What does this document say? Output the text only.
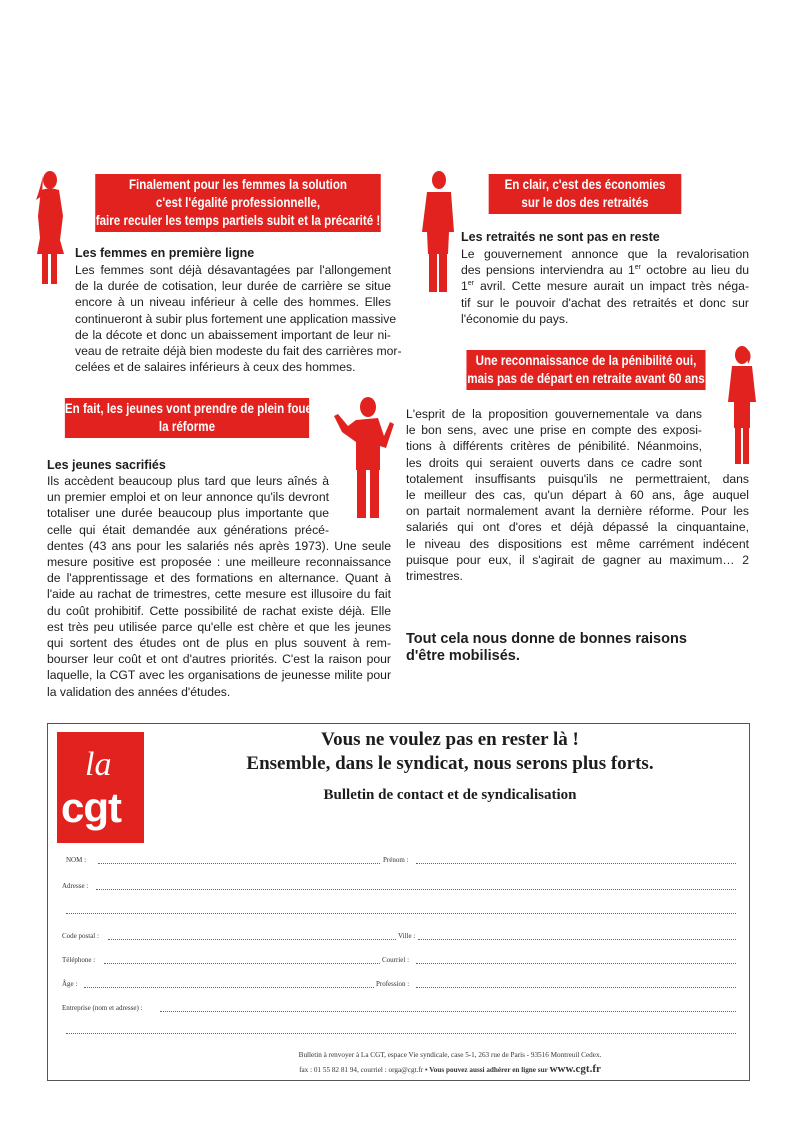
Finalement pour les femmes la solution
c'est l'égalité professionnelle,
faire reculer les temps partiels subit et la précarité !
Les femmes en première ligne
Les femmes sont déjà désavantagées par l'allongement
de la durée de cotisation, leur durée de carrière se situe
encore à un niveau inférieur à celle des hommes. Elles
continueront à subir plus fortement une application massive
de la décote et donc un abaissement important de leur ni-
veau de retraite déjà bien modeste du fait des carrières mor-
celées et de salaires inférieurs à ceux des hommes.
En fait, les jeunes vont prendre de plein fouet
la réforme
Les jeunes sacrifiés
Ils accèdent beaucoup plus tard que leurs aînés à
un premier emploi et on leur annonce qu'ils devront
totaliser une durée beaucoup plus importante que
celle qui était demandée aux générations précé-
dentes (43 ans pour les salariés nés après 1973). Une seule
mesure positive est proposée : une meilleure reconnaissance
de l'apprentissage et des formations en alternance. Quant à
l'aide au rachat de trimestres, cette mesure est illusoire du fait
du coût prohibitif. Cette possibilité de rachat existe déjà. Elle
est très peu utilisée parce qu'elle est chère et que les jeunes
qui sortent des études ont de plus en plus souvent à rem-
bourser leur coût et ont d'autres priorités. C'est la raison pour
laquelle, la CGT avec les organisations de jeunesse milite pour
la validation des années d'études.
En clair, c'est des économies
sur le dos des retraités
Les retraités ne sont pas en reste
Le gouvernement annonce que la revalorisation
des pensions interviendra au 1er octobre au lieu du
1er avril. Cette mesure aurait un impact très néga-
tif sur le pouvoir d'achat des retraités et donc sur
l'économie du pays.
Une reconnaissance de la pénibilité oui,
mais pas de départ en retraite avant 60 ans
L'esprit de la proposition gouvernementale va dans
le bon sens, avec une prise en compte des exposi-
tions à différents critères de pénibilité. Néanmoins,
les droits qui seraient ouverts dans ce cadre sont
totalement insuffisants puisqu'ils ne permettraient, dans
le meilleur des cas, qu'un départ à 60 ans, âge auquel
on partait normalement avant la dernière réforme. Pour les
salariés qui ont d'ores et déjà dépassé la cinquantaine,
le niveau des dispositions est même carrément indécent
puisque pour eux, il s'agirait de gagner au maximum… 2
trimestres.
Tout cela nous donne de bonnes raisons
d'être mobilisés.
la
cgt
Vous ne voulez pas en rester là !
Ensemble, dans le syndicat, nous serons plus forts.
Bulletin de contact et de syndicalisation
NOM :	Prénom :
Adresse :
Code postal :	Ville :
Téléphone :	Courriel :
Âge :	Profession :
Entreprise (nom et adresse) :
Bulletin à renvoyer à La CGT, espace Vie syndicale, case 5-1, 263 rue de Paris - 93516 Montreuil Cedex.
fax : 01 55 82 81 94, courriel : orga@cgt.fr • Vous pouvez aussi adhérer en ligne sur www.cgt.fr
